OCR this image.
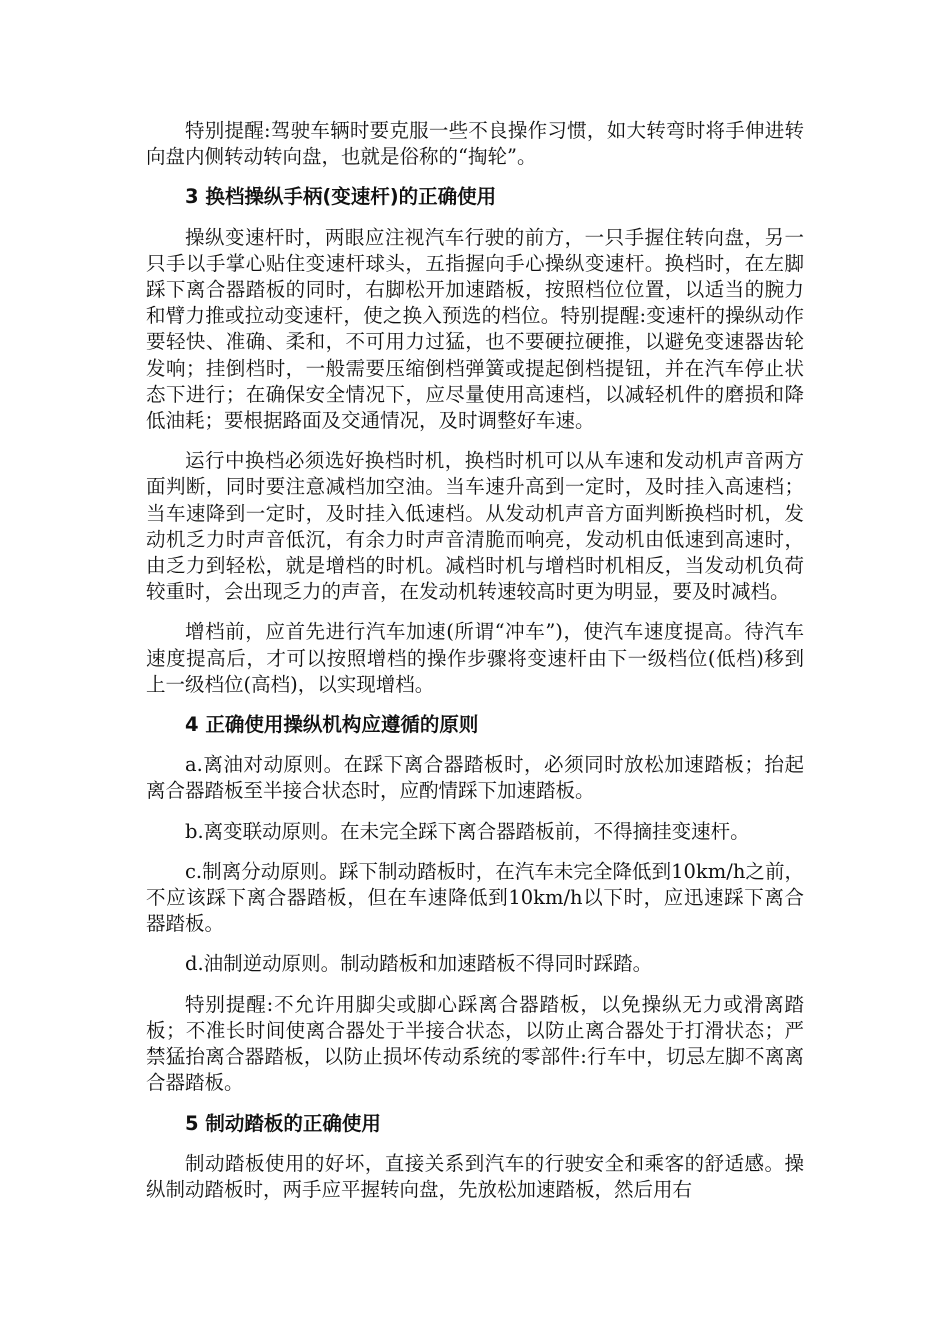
特别提醒:驾驶车辆时要克服一些不良操作习惯，如大转弯时将手伸进转向盘内侧转动转向盘，也就是俗称的“掏轮”。

3 换档操纵手柄(变速杆)的正确使用

操纵变速杆时，两眼应注视汽车行驶的前方，一只手握住转向盘，另一只手以手掌心贴住变速杆球头，五指握向手心操纵变速杆。换档时，在左脚踩下离合器踏板的同时，右脚松开加速踏板，按照档位位置，以适当的腕力和臂力推或拉动变速杆，使之换入预选的档位。特别提醒:变速杆的操纵动作要轻快、准确、柔和，不可用力过猛，也不要硬拉硬推，以避免变速器齿轮发响；挂倒档时，一般需要压缩倒档弹簧或提起倒档提钮，并在汽车停止状态下进行；在确保安全情况下，应尽量使用高速档，以减轻机件的磨损和降低油耗；要根据路面及交通情况，及时调整好车速。

运行中换档必须选好换档时机，换档时机可以从车速和发动机声音两方面判断，同时要注意减档加空油。当车速升高到一定时，及时挂入高速档；当车速降到一定时，及时挂入低速档。从发动机声音方面判断换档时机，发动机乏力时声音低沉，有余力时声音清脆而响亮，发动机由低速到高速时，由乏力到轻松，就是增档的时机。减档时机与增档时机相反，当发动机负荷较重时，会出现乏力的声音，在发动机转速较高时更为明显，要及时减档。

增档前，应首先进行汽车加速(所谓“冲车”)，使汽车速度提高。待汽车速度提高后，才可以按照增档的操作步骤将变速杆由下一级档位(低档)移到上一级档位(高档)，以实现增档。

4 正确使用操纵机构应遵循的原则

a.离油对动原则。在踩下离合器踏板时，必须同时放松加速踏板；抬起离合器踏板至半接合状态时，应酌情踩下加速踏板。

b.离变联动原则。在未完全踩下离合器踏板前，不得摘挂变速杆。

c.制离分动原则。踩下制动踏板时，在汽车未完全降低到10km/h之前，不应该踩下离合器踏板，但在车速降低到10km/h以下时，应迅速踩下离合器踏板。

d.油制逆动原则。制动踏板和加速踏板不得同时踩踏。

特别提醒:不允许用脚尖或脚心踩离合器踏板，以免操纵无力或滑离踏板；不准长时间使离合器处于半接合状态，以防止离合器处于打滑状态；严禁猛抬离合器踏板，以防止损坏传动系统的零部件:行车中，切忌左脚不离离合器踏板。

5 制动踏板的正确使用

制动踏板使用的好坏，直接关系到汽车的行驶安全和乘客的舒适感。操纵制动踏板时，两手应平握转向盘，先放松加速踏板，然后用右
